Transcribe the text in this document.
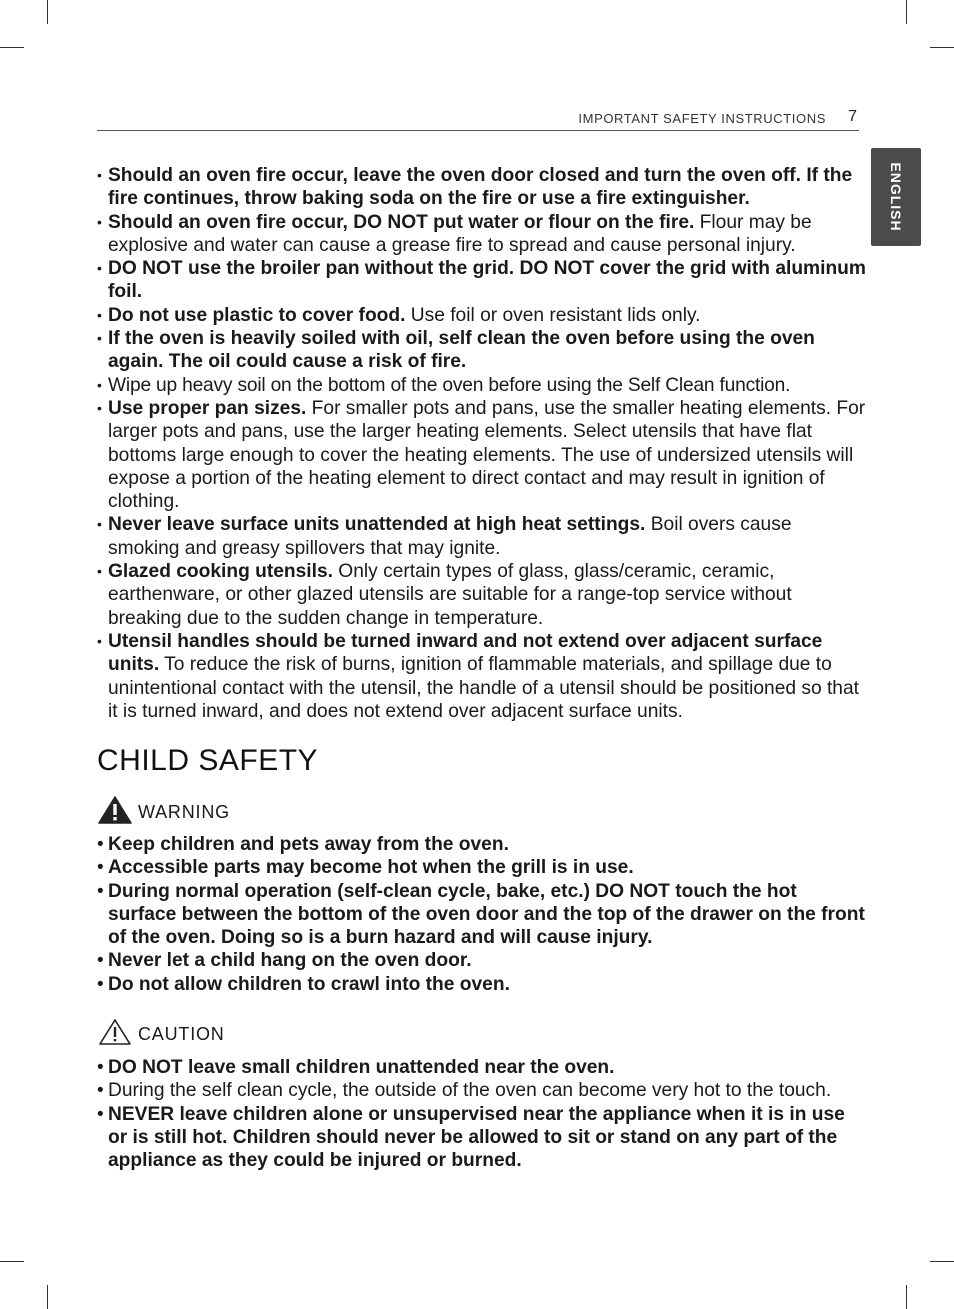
IMPORTANT SAFETY INSTRUCTIONS 7
ENGLISH
• Should an oven fire occur, leave the oven door closed and turn the oven off. If the fire continues, throw baking soda on the fire or use a fire extinguisher.
• Should an oven fire occur, DO NOT put water or flour on the fire. Flour may be explosive and water can cause a grease fire to spread and cause personal injury.
• DO NOT use the broiler pan without the grid. DO NOT cover the grid with aluminum foil.
• Do not use plastic to cover food. Use foil or oven resistant lids only.
• If the oven is heavily soiled with oil, self clean the oven before using the oven again. The oil could cause a risk of fire.
• Wipe up heavy soil on the bottom of the oven before using the Self Clean function.
• Use proper pan sizes. For smaller pots and pans, use the smaller heating elements. For larger pots and pans, use the larger heating elements. Select utensils that have flat bottoms large enough to cover the heating elements. The use of undersized utensils will expose a portion of the heating element to direct contact and may result in ignition of clothing.
• Never leave surface units unattended at high heat settings. Boil overs cause smoking and greasy spillovers that may ignite.
• Glazed cooking utensils. Only certain types of glass, glass/ceramic, ceramic, earthenware, or other glazed utensils are suitable for a range-top service without breaking due to the sudden change in temperature.
• Utensil handles should be turned inward and not extend over adjacent surface units. To reduce the risk of burns, ignition of flammable materials, and spillage due to unintentional contact with the utensil, the handle of a utensil should be positioned so that it is turned inward, and does not extend over adjacent surface units.
CHILD SAFETY
WARNING
• Keep children and pets away from the oven.
• Accessible parts may become hot when the grill is in use.
• During normal operation (self-clean cycle, bake, etc.) DO NOT touch the hot surface between the bottom of the oven door and the top of the drawer on the front of the oven. Doing so is a burn hazard and will cause injury.
• Never let a child hang on the oven door.
• Do not allow children to crawl into the oven.
CAUTION
• DO NOT leave small children unattended near the oven.
• During the self clean cycle, the outside of the oven can become very hot to the touch.
• NEVER leave children alone or unsupervised near the appliance when it is in use or is still hot. Children should never be allowed to sit or stand on any part of the appliance as they could be injured or burned.
